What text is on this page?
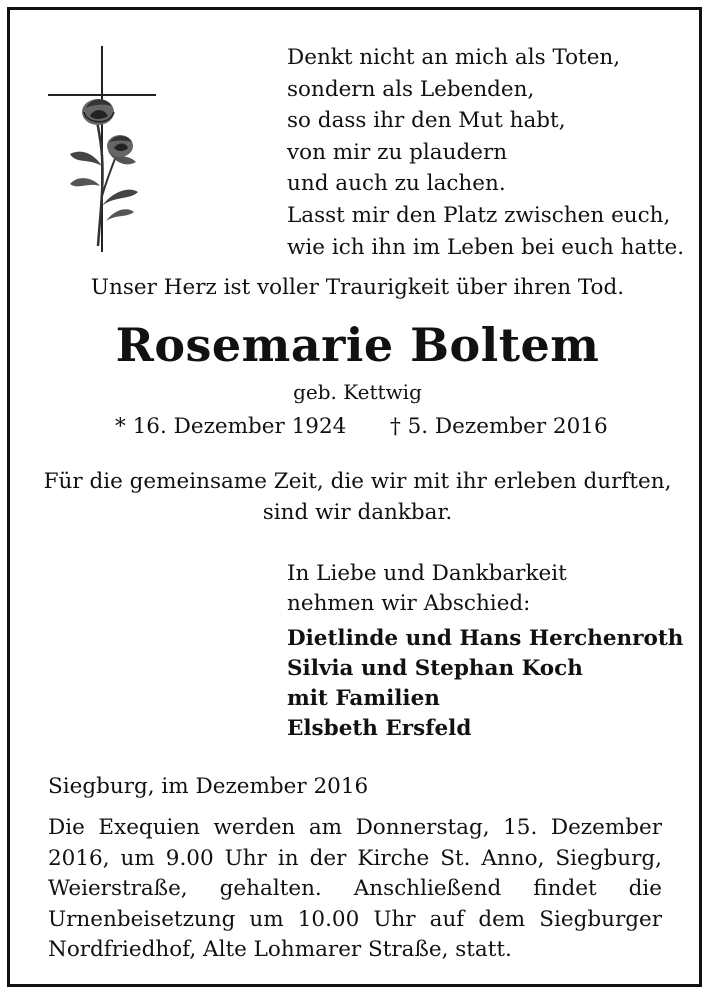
Denkt nicht an mich als Toten,
sondern als Lebenden,
so dass ihr den Mut habt,
von mir zu plaudern
und auch zu lachen.
Lasst mir den Platz zwischen euch,
wie ich ihn im Leben bei euch hatte.
Unser Herz ist voller Traurigkeit über ihren Tod.
Rosemarie Boltem
geb. Kettwig
* 16. Dezember 1924 † 5. Dezember 2016
Für die gemeinsame Zeit, die wir mit ihr erleben durften,
sind wir dankbar.
In Liebe und Dankbarkeit
nehmen wir Abschied:
Dietlinde und Hans Herchenroth
Silvia und Stephan Koch
mit Familien
Elsbeth Ersfeld
Siegburg, im Dezember 2016
Die Exequien werden am Donnerstag, 15. Dezember 2016, um 9.00 Uhr in der Kirche St. Anno, Siegburg, Weierstraße, gehalten. Anschließend findet die Urnenbeisetzung um 10.00 Uhr auf dem Siegburger Nordfriedhof, Alte Lohmarer Straße, statt.
